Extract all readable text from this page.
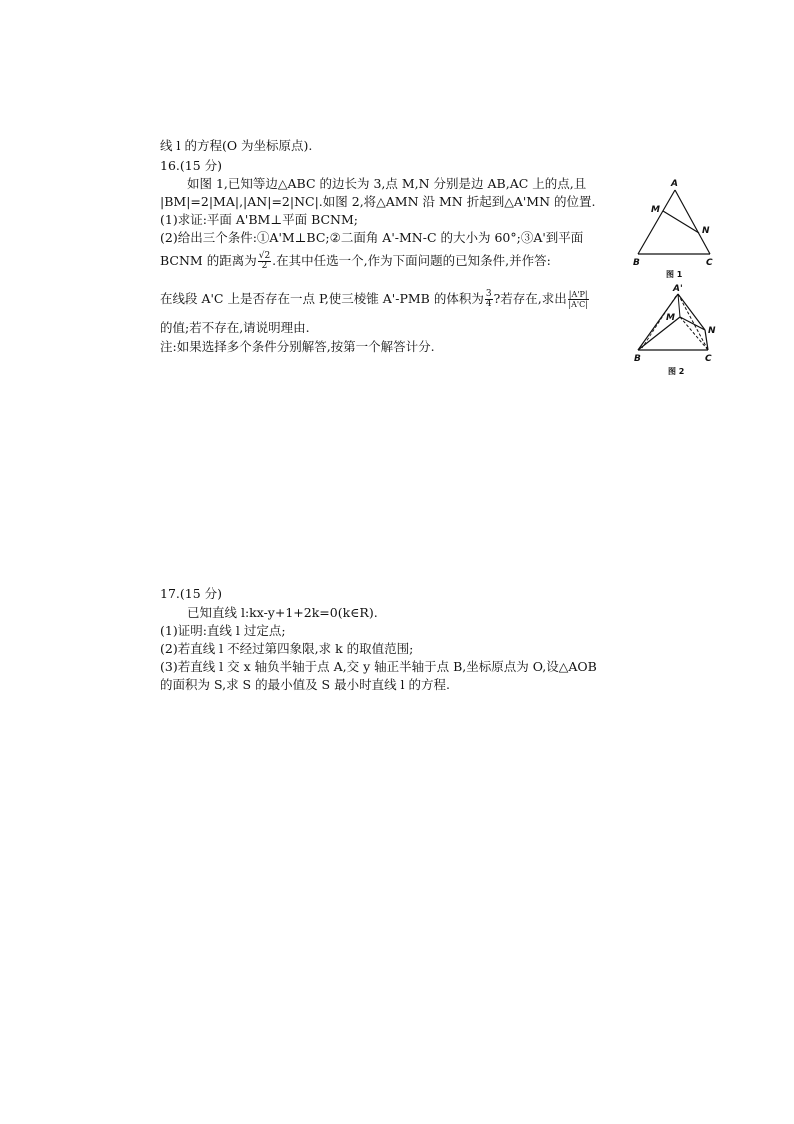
线 l 的方程(O 为坐标原点).
16.(15 分)
如图 1,已知等边△ABC 的边长为 3,点 M,N 分别是边 AB,AC 上的点,且
|BM|=2|MA|,|AN|=2|NC|.如图 2,将△AMN 沿 MN 折起到△A'MN 的位置.
(1)求证:平面 A'BM⊥平面 BCNM;
(2)给出三个条件:①A'M⊥BC;②二面角 A'-MN-C 的大小为 60°;③A'到平面
BCNM 的距离为 $\frac{√2}{2}$ .在其中任选一个,作为下面问题的已知条件,并作答:
在线段 A'C 上是否存在一点 P,使三棱锥 A'-PMB 的体积为 $\frac{3}{4}$ ?若存在,求出 $\frac{|A'P|}{|A'C|}$
的值;若不存在,请说明理由.
注:如果选择多个条件分别解答,按第一个解答计分.
A
M
N
B	C
图 1
A'
M
N
B	C
图 2
17.(15 分)
已知直线 l:kx-y+1+2k=0(k∈R).
(1)证明:直线 l 过定点;
(2)若直线 l 不经过第四象限,求 k 的取值范围;
(3)若直线 l 交 x 轴负半轴于点 A,交 y 轴正半轴于点 B,坐标原点为 O,设△AOB
的面积为 S,求 S 的最小值及 S 最小时直线 l 的方程.
